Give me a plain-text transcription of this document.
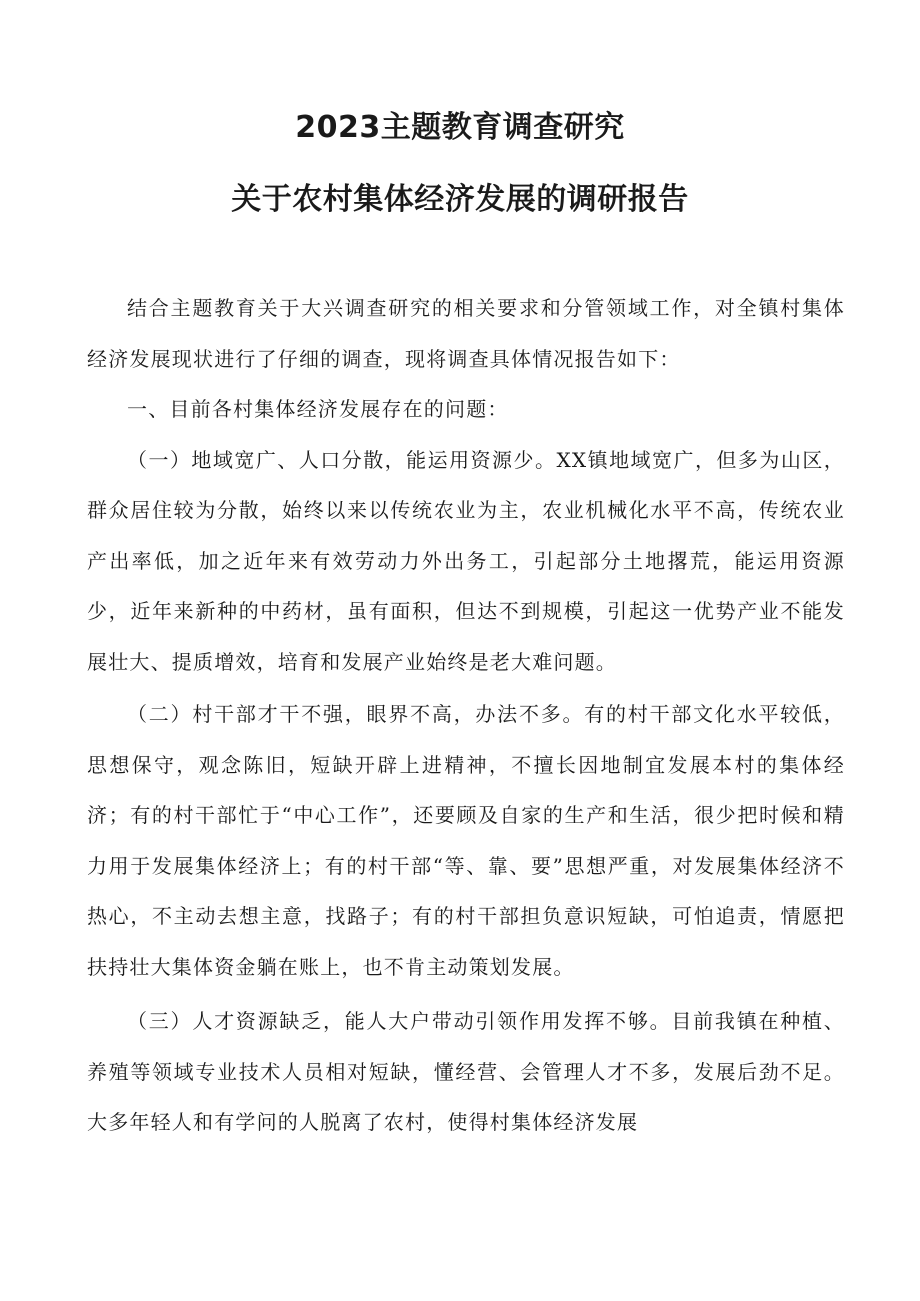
2023主题教育调查研究
关于农村集体经济发展的调研报告

结合主题教育关于大兴调查研究的相关要求和分管领域工作，对全镇村集体经济发展现状进行了仔细的调查，现将调查具体情况报告如下：

一、目前各村集体经济发展存在的问题：

（一）地域宽广、人口分散，能运用资源少。XX镇地域宽广，但多为山区，群众居住较为分散，始终以来以传统农业为主，农业机械化水平不高，传统农业产出率低，加之近年来有效劳动力外出务工，引起部分土地撂荒，能运用资源少，近年来新种的中药材，虽有面积，但达不到规模，引起这一优势产业不能发展壮大、提质增效，培育和发展产业始终是老大难问题。

（二）村干部才干不强，眼界不高，办法不多。有的村干部文化水平较低，思想保守，观念陈旧，短缺开辟上进精神，不擅长因地制宜发展本村的集体经济；有的村干部忙于“中心工作”，还要顾及自家的生产和生活，很少把时候和精力用于发展集体经济上；有的村干部“等、靠、要”思想严重，对发展集体经济不热心，不主动去想主意，找路子；有的村干部担负意识短缺，可怕追责，情愿把扶持壮大集体资金躺在账上，也不肯主动策划发展。

（三）人才资源缺乏，能人大户带动引领作用发挥不够。目前我镇在种植、养殖等领域专业技术人员相对短缺，懂经营、会管理人才不多，发展后劲不足。大多年轻人和有学问的人脱离了农村，使得村集体经济发展
